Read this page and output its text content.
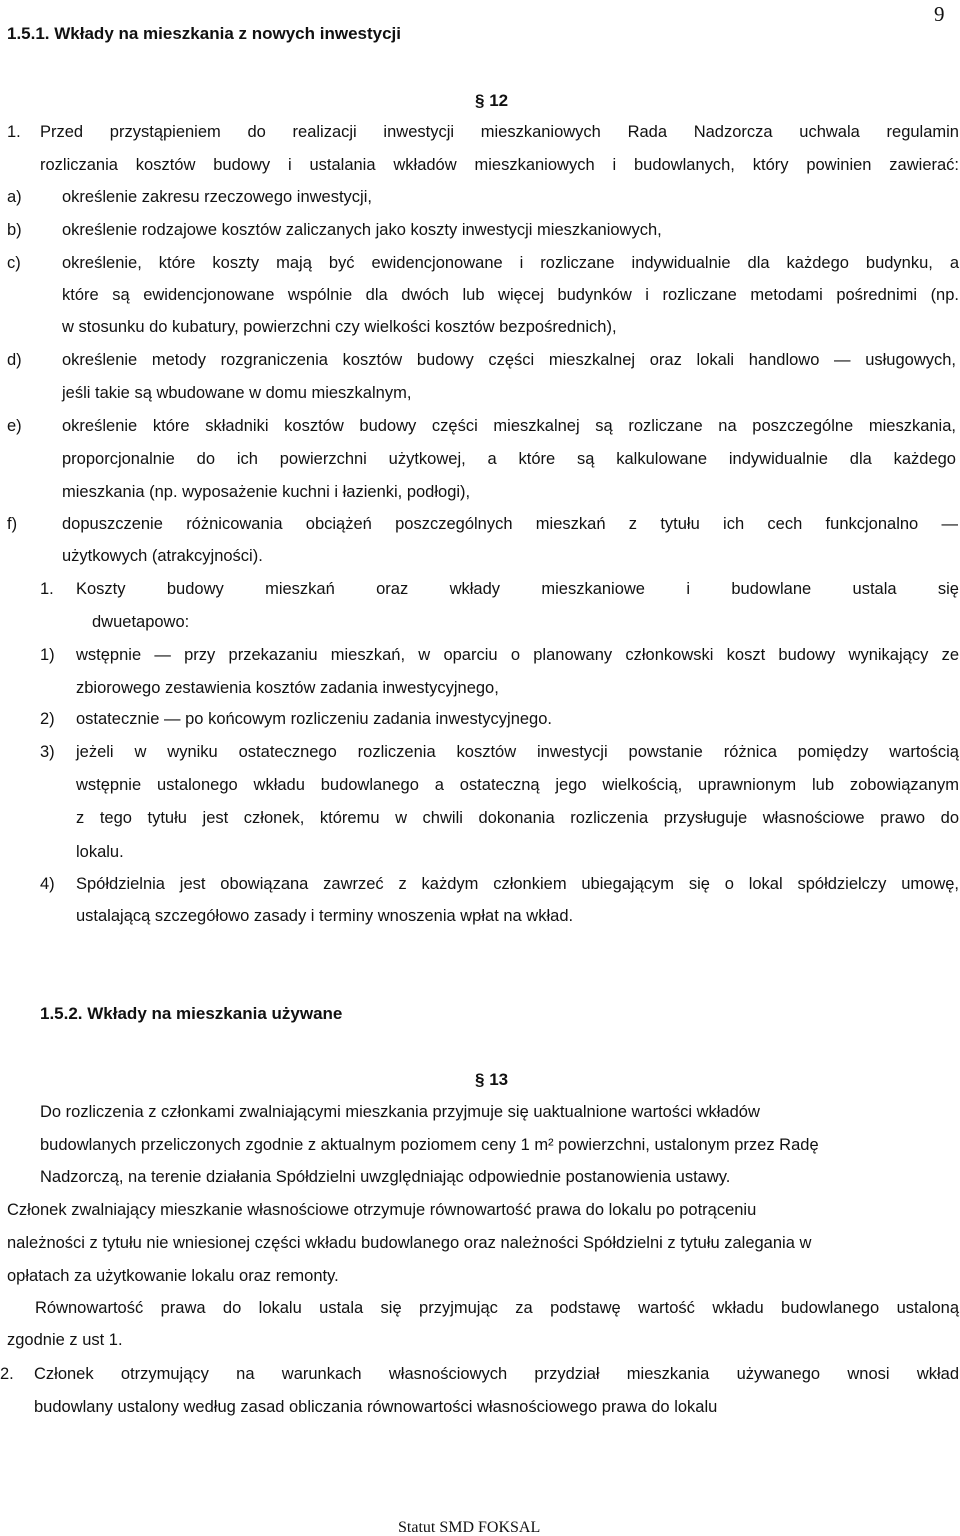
9
1.5.1. Wkłady na mieszkania z nowych inwestycji
§ 12
1. Przed przystąpieniem do realizacji inwestycji mieszkaniowych Rada Nadzorcza uchwala regulamin
rozliczania kosztów budowy i ustalania wkładów mieszkaniowych i budowlanych, który powinien zawierać:
a) określenie zakresu rzeczowego inwestycji,
b) określenie rodzajowe kosztów zaliczanych jako koszty inwestycji mieszkaniowych,
c)	określenie, które koszty mają być ewidencjonowane i rozliczane indywidualnie dla każdego budynku, a
które są ewidencjonowane wspólnie dla dwóch lub więcej budynków i rozliczane metodami pośrednimi (np.
w stosunku do kubatury, powierzchni czy wielkości kosztów bezpośrednich),
d) określenie metody rozgraniczenia kosztów budowy części mieszkalnej oraz lokali handlowo — usługowych,
jeśli takie są wbudowane w domu mieszkalnym,
e) określenie które składniki kosztów budowy części mieszkalnej są rozliczane na poszczególne mieszkania,
proporcjonalnie do ich powierzchni użytkowej, a które są kalkulowane indywidualnie dla każdego
mieszkania (np. wyposażenie kuchni i łazienki, podłogi),
f)	dopuszczenie różnicowania obciążeń poszczególnych mieszkań z tytułu ich cech funkcjonalno —
użytkowych (atrakcyjności).
1. Koszty budowy mieszkań oraz wkłady mieszkaniowe i budowlane ustala się
dwuetapowo:
1) wstępnie — przy przekazaniu mieszkań, w oparciu o planowany członkowski koszt budowy wynikający ze
zbiorowego zestawienia kosztów zadania inwestycyjnego,
2) ostatecznie — po końcowym rozliczeniu zadania inwestycyjnego.
3) jeżeli w wyniku ostatecznego rozliczenia kosztów inwestycji powstanie różnica pomiędzy wartością
wstępnie ustalonego wkładu budowlanego a ostateczną jego wielkością, uprawnionym lub zobowiązanym
z tego tytułu jest członek, któremu w chwili dokonania rozliczenia przysługuje własnościowe prawo do
lokalu.
4) Spółdzielnia jest obowiązana zawrzeć z każdym członkiem ubiegającym się o lokal spółdzielczy umowę,
ustalającą szczegółowo zasady i terminy wnoszenia wpłat na wkład.
1.5.2. Wkłady na mieszkania używane
§ 13
Do rozliczenia z członkami zwalniającymi mieszkania przyjmuje się uaktualnione wartości wkładów
budowlanych przeliczonych zgodnie z aktualnym poziomem ceny 1 m² powierzchni, ustalonym przez Radę
Nadzorczą, na terenie działania Spółdzielni uwzględniając odpowiednie postanowienia ustawy.
Członek zwalniający mieszkanie własnościowe otrzymuje równowartość prawa do lokalu po potrąceniu
należności z tytułu nie wniesionej części wkładu budowlanego oraz należności Spółdzielni z tytułu zalegania w
opłatach za użytkowanie lokalu oraz remonty.
Równowartość prawa do lokalu ustala się przyjmując za podstawę wartość wkładu budowlanego ustaloną
zgodnie z ust 1.
2. Członek otrzymujący na warunkach własnościowych przydział mieszkania używanego wnosi wkład
budowlany ustalony według zasad obliczania równowartości własnościowego prawa do lokalu
Statut SMD FOKSAL
